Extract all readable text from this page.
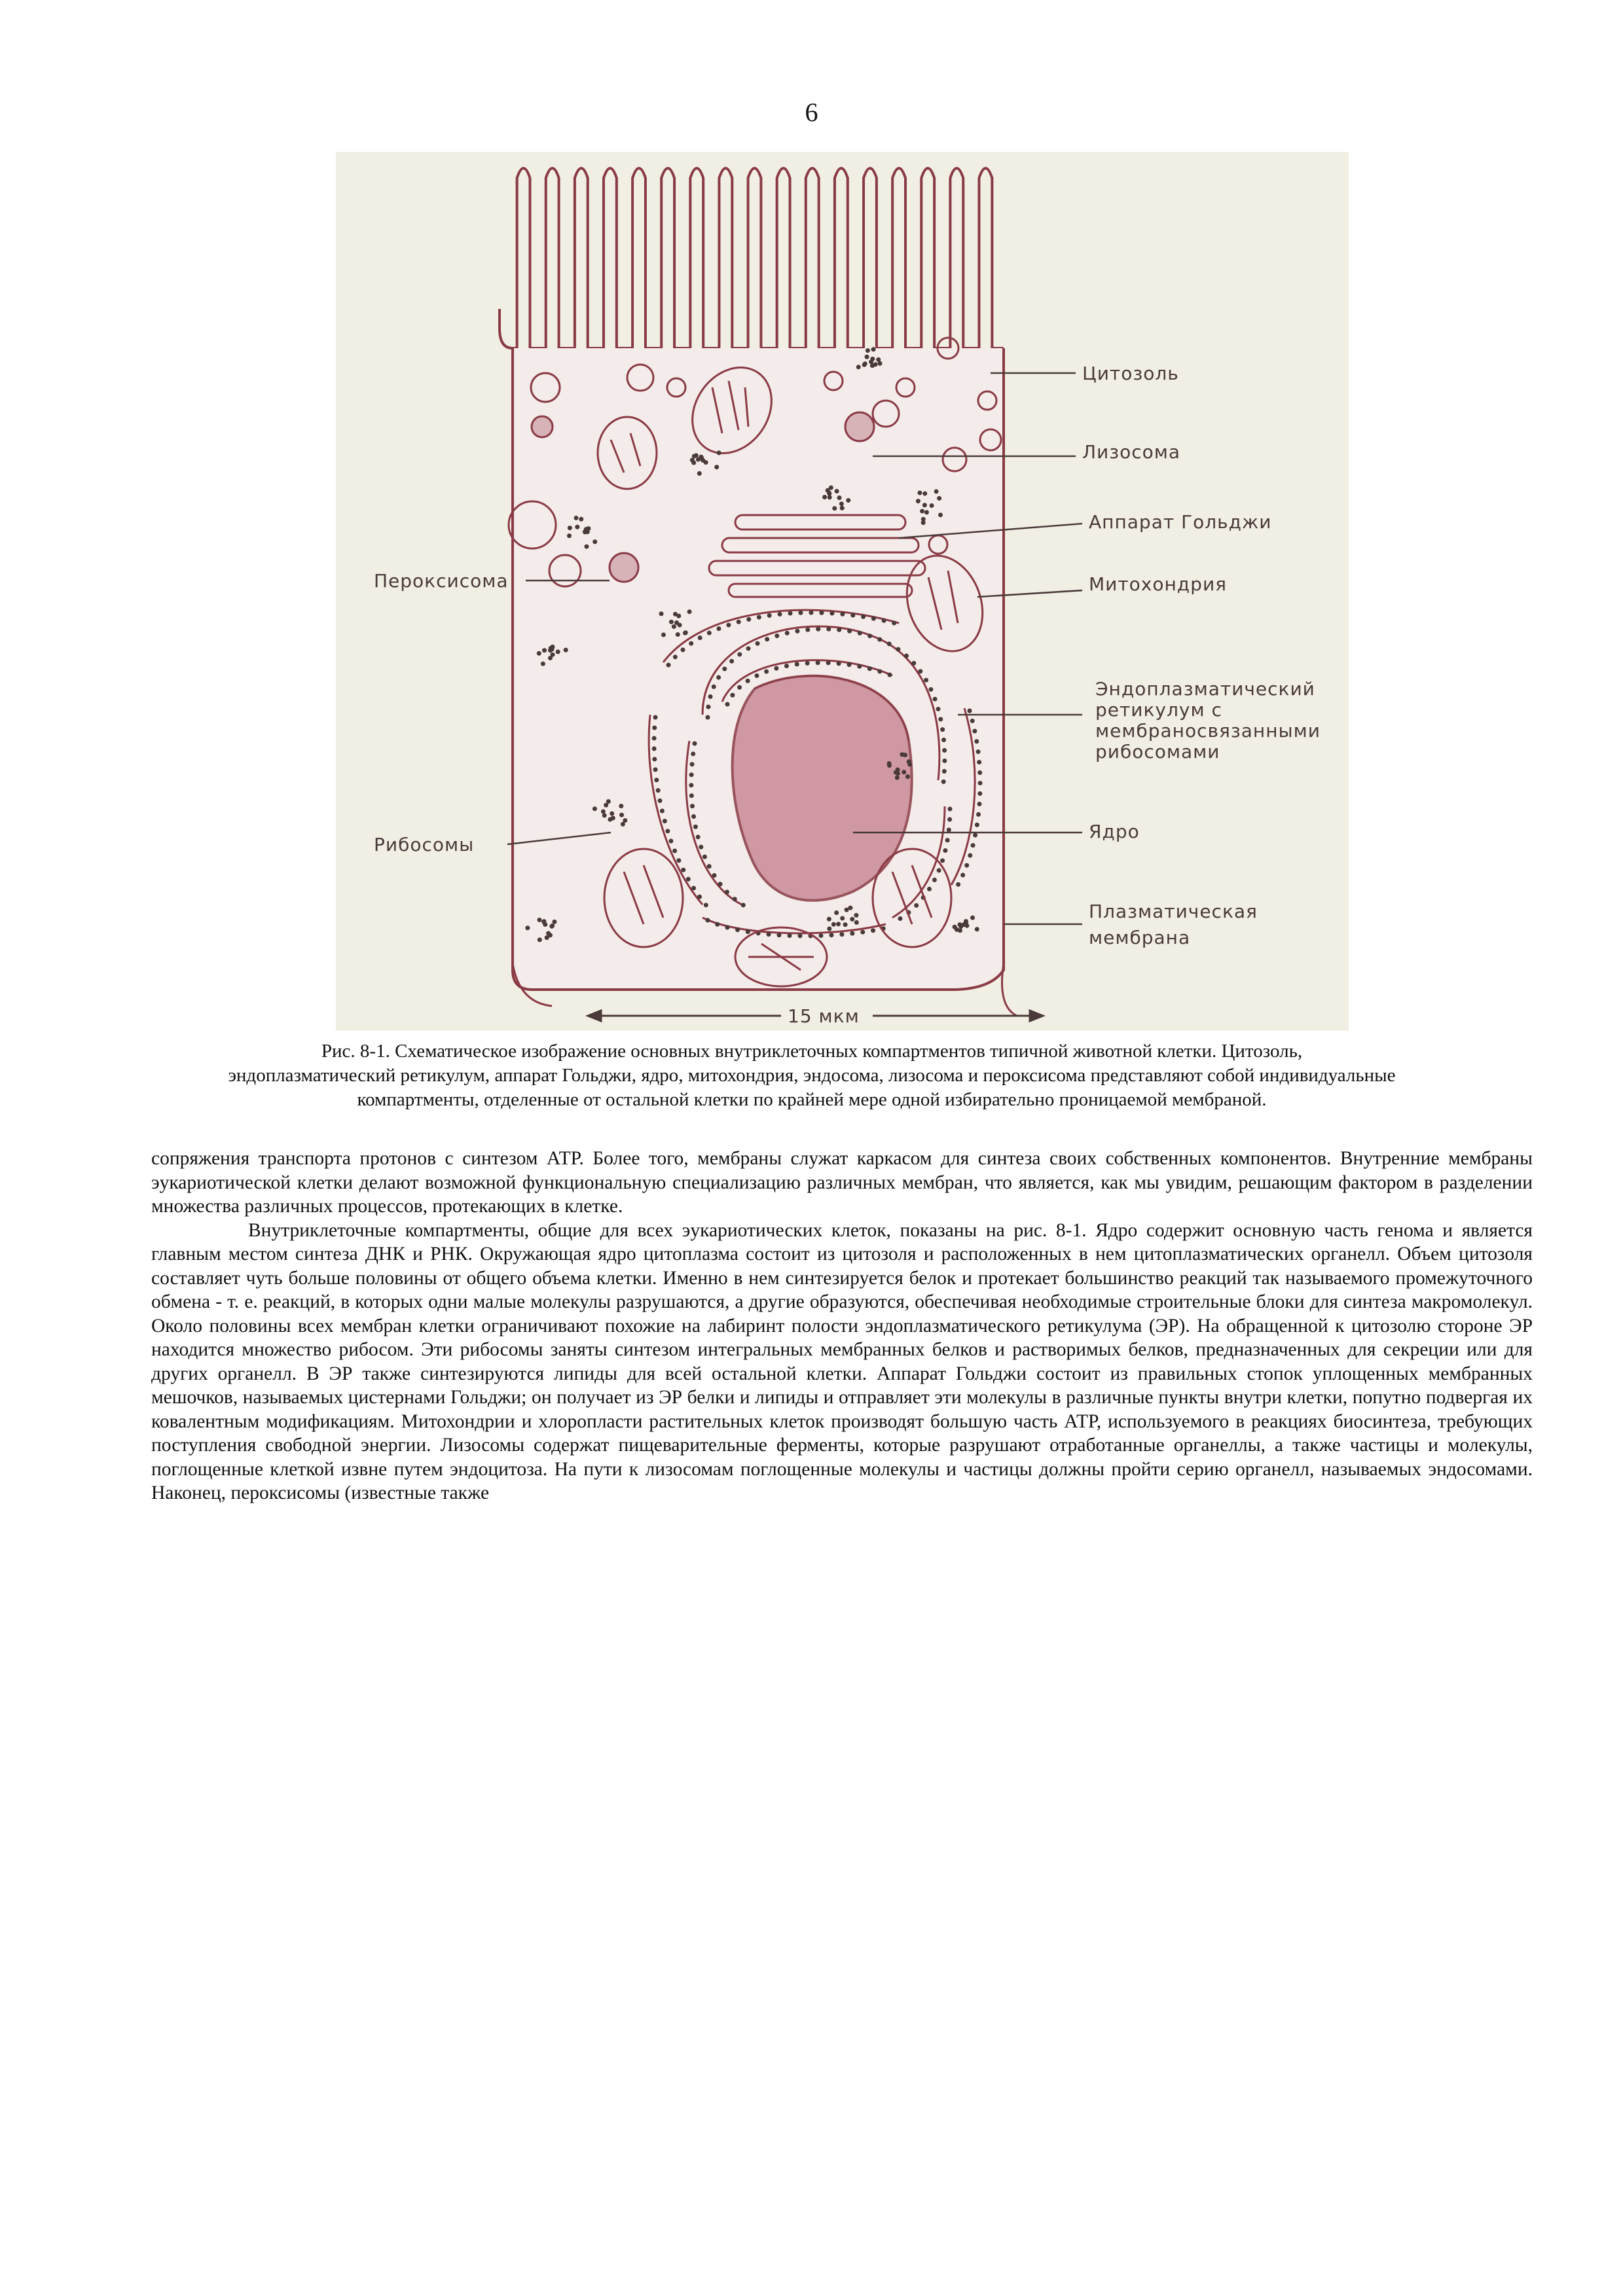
6
Цитозоль
Лизосома
Аппарат Гольджи
Пероксисома	Митохондрия
Эндоплазматический
ретикулум с
мембраносвязанными
рибосомами
Рибосомы
Ядро
Плазматическая
мембрана
15 мкм
Рис. 8-1. Схематическое изображение основных внутриклеточных компартментов типичной животной клетки. Цитозоль,
эндоплазматический ретикулум, аппарат Гольджи, ядро, митохондрия, эндосома, лизосома и пероксисома представляют собой индивидуальные
компартменты, отделенные от остальной клетки по крайней мере одной избирательно проницаемой мембраной.

сопряжения транспорта протонов с синтезом АТР. Более того, мембраны служат каркасом для синтеза своих собственных компонентов. Внутренние мембраны эукариотической клетки делают возможной функциональную специализацию различных мембран, что является, как мы увидим, решающим фактором в разделении множества различных процессов, протекающих в клетке.

Внутриклеточные компартменты, общие для всех эукариотических клеток, показаны на рис. 8-1. Ядро содержит основную часть генома и является главным местом синтеза ДНК и РНК. Окружающая ядро цитоплазма состоит из цитозоля и расположенных в нем цитоплазматических органелл. Объем цитозоля составляет чуть больше половины от общего объема клетки. Именно в нем синтезируется белок и протекает большинство реакций так называемого промежуточного обмена - т. е. реакций, в которых одни малые молекулы разрушаются, а другие образуются, обеспечивая необходимые строительные блоки для синтеза макромолекул. Около половины всех мембран клетки ограничивают похожие на лабиринт полости эндоплазматического ретикулума (ЭР). На обращенной к цитозолю стороне ЭР находится множество рибосом. Эти рибосомы заняты синтезом интегральных мембранных белков и растворимых белков, предназначенных для секреции или для других органелл. В ЭР также синтезируются липиды для всей остальной клетки. Аппарат Гольджи состоит из правильных стопок уплощенных мембранных мешочков, называемых цистернами Гольджи; он получает из ЭР белки и липиды и отправляет эти молекулы в различные пункты внутри клетки, попутно подвергая их ковалентным модификациям. Митохондрии и хлоропласти растительных клеток производят большую часть АТР, используемого в реакциях биосинтеза, требующих поступления свободной энергии. Лизосомы содержат пищеварительные ферменты, которые разрушают отработанные органеллы, а также частицы и молекулы, поглощенные клеткой извне путем эндоцитоза. На пути к лизосомам поглощенные молекулы и частицы должны пройти серию органелл, называемых эндосомами. Наконец, пероксисомы (известные также
